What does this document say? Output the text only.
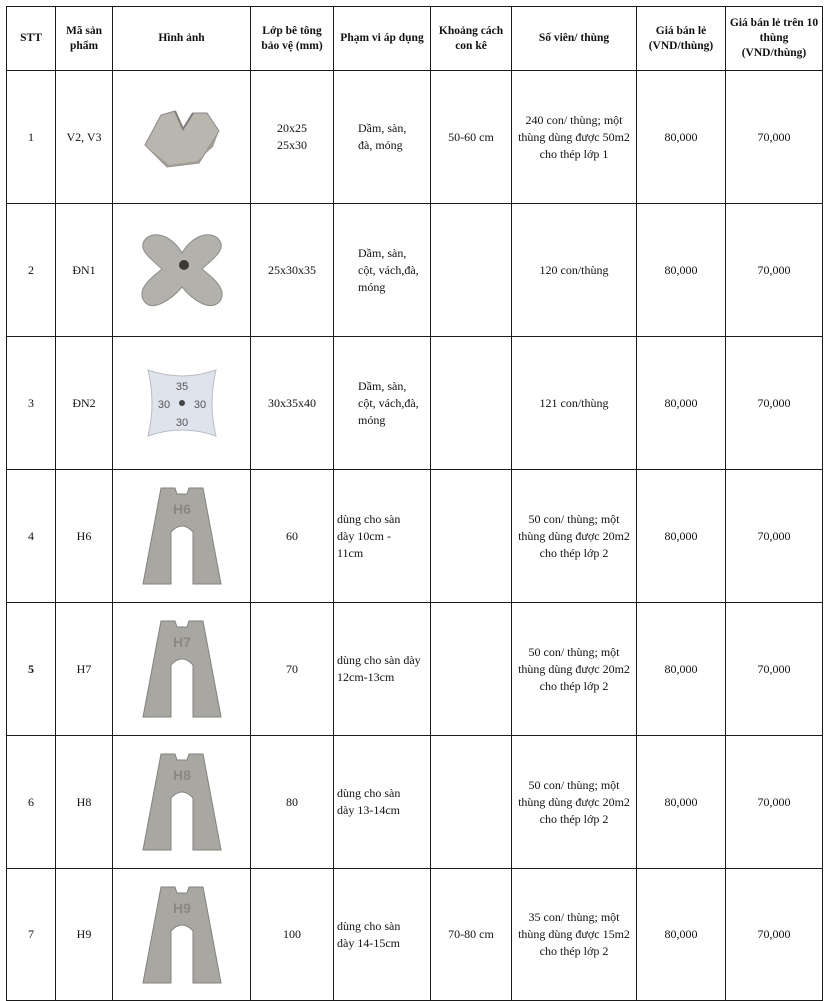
STT	Mã sản phẩm	Hình ảnh	Lớp bê tông bảo vệ (mm)	Phạm vi áp dụng	Khoảng cách con kê	Số viên/ thùng	Giá bán lẻ (VND/thùng)	Giá bán lẻ trên 10 thùng (VND/thùng)
1	V2, V3		20x25
25x30	Dầm, sàn,
đà, móng	50-60 cm	240 con/ thùng; một
thùng dùng được 50m2
cho thép lớp 1	80,000	70,000
2	ĐN1		25x30x35	Dầm, sàn,
cột, vách,đà,
móng		120 con/thùng	80,000	70,000
3	ĐN2	35
30
30 30	30x35x40	Dầm, sàn,
cột, vách,đà,
móng		121 con/thùng	80,000	70,000
4	H6	H6	60	dùng cho sàn
dày 10cm -
11cm		50 con/ thùng; một
thùng dùng được 20m2
cho thép lớp 2	80,000	70,000
5	H7	H7	70	dùng cho sàn dày
12cm-13cm		50 con/ thùng; một
thùng dùng được 20m2
cho thép lớp 2	80,000	70,000
6	H8	H8	80	dùng cho sàn
dày 13-14cm		50 con/ thùng; một
thùng dùng được 20m2
cho thép lớp 2	80,000	70,000
7	H9	H9	100	dùng cho sàn
dày 14-15cm	70-80 cm	35 con/ thùng; một
thùng dùng được 15m2
cho thép lớp 2	80,000	70,000
